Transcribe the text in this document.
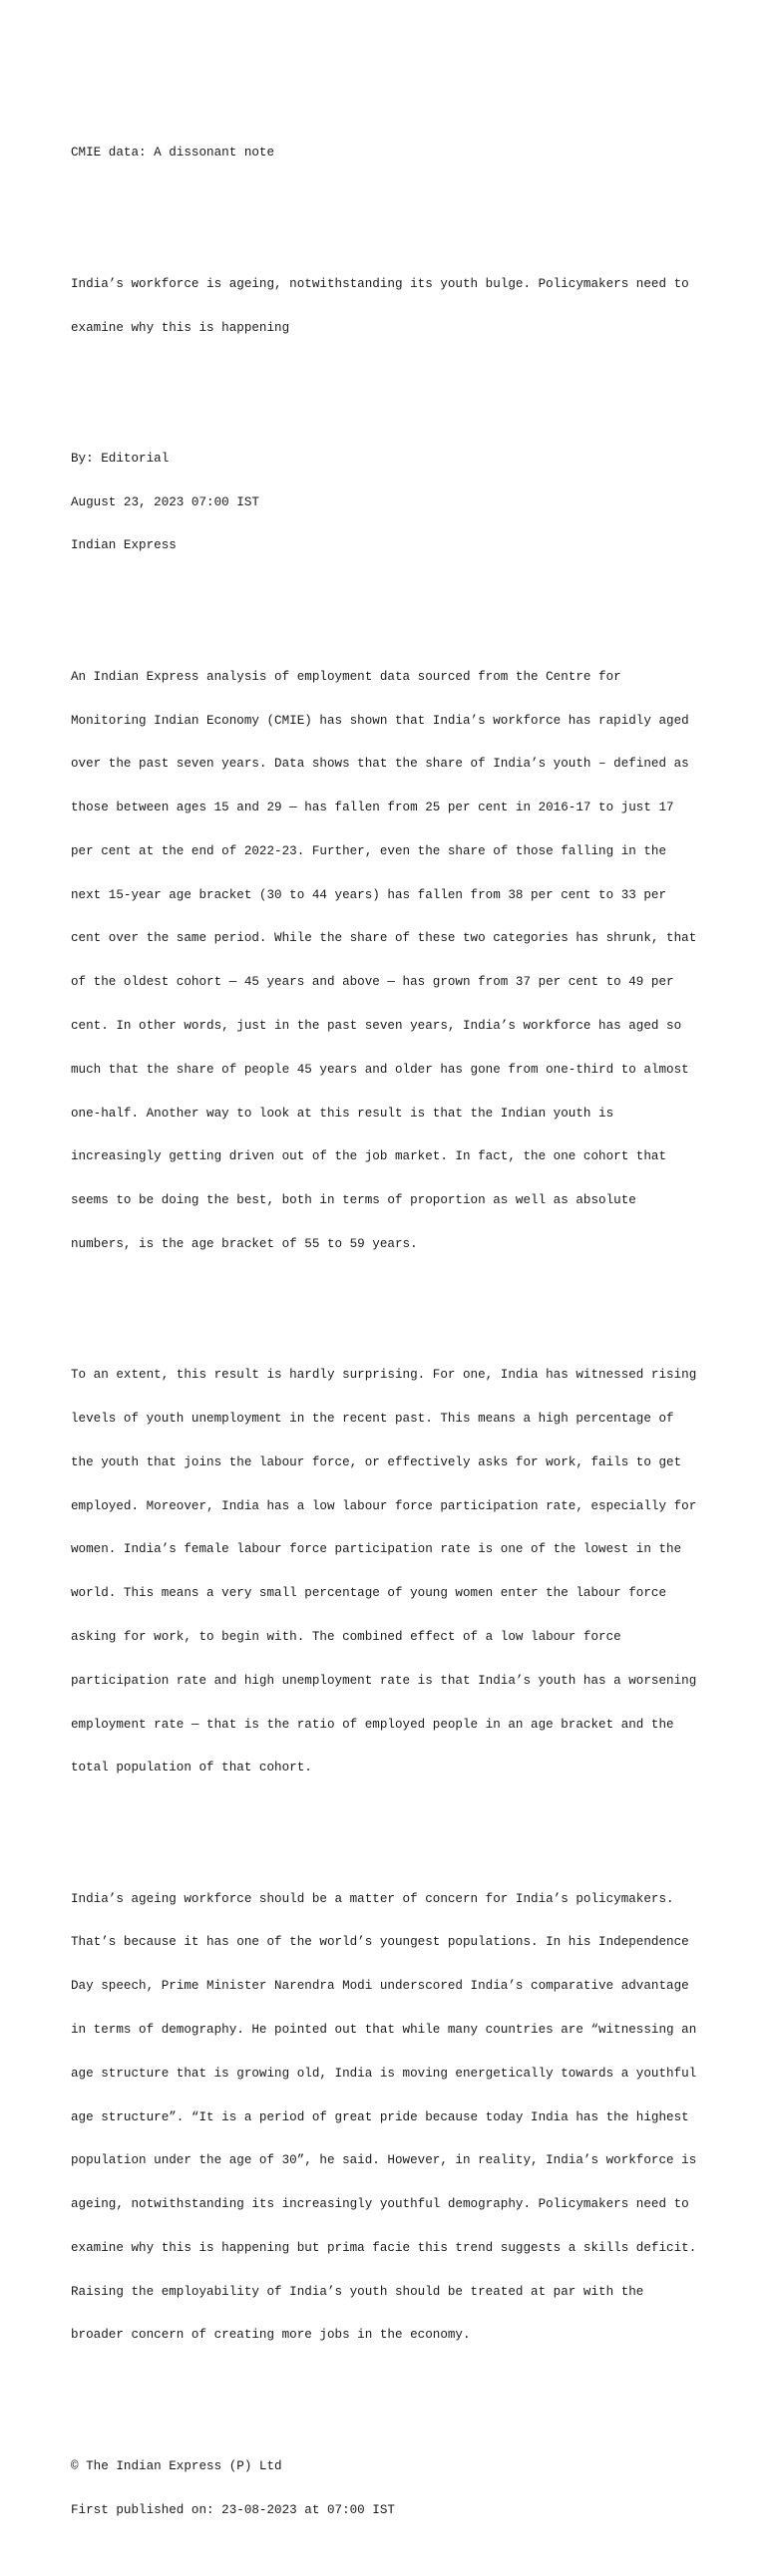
CMIE data: A dissonant note

India’s workforce is ageing, notwithstanding its youth bulge. Policymakers need to

examine why this is happening

By: Editorial

August 23, 2023 07:00 IST

Indian Express

An Indian Express analysis of employment data sourced from the Centre for

Monitoring Indian Economy (CMIE) has shown that India’s workforce has rapidly aged

over the past seven years. Data shows that the share of India’s youth – defined as

those between ages 15 and 29 — has fallen from 25 per cent in 2016-17 to just 17

per cent at the end of 2022-23. Further, even the share of those falling in the

next 15-year age bracket (30 to 44 years) has fallen from 38 per cent to 33 per

cent over the same period. While the share of these two categories has shrunk, that

of the oldest cohort — 45 years and above — has grown from 37 per cent to 49 per

cent. In other words, just in the past seven years, India’s workforce has aged so

much that the share of people 45 years and older has gone from one-third to almost

one-half. Another way to look at this result is that the Indian youth is

increasingly getting driven out of the job market. In fact, the one cohort that

seems to be doing the best, both in terms of proportion as well as absolute

numbers, is the age bracket of 55 to 59 years.

To an extent, this result is hardly surprising. For one, India has witnessed rising

levels of youth unemployment in the recent past. This means a high percentage of

the youth that joins the labour force, or effectively asks for work, fails to get

employed. Moreover, India has a low labour force participation rate, especially for

women. India’s female labour force participation rate is one of the lowest in the

world. This means a very small percentage of young women enter the labour force

asking for work, to begin with. The combined effect of a low labour force

participation rate and high unemployment rate is that India’s youth has a worsening

employment rate — that is the ratio of employed people in an age bracket and the

total population of that cohort.

India’s ageing workforce should be a matter of concern for India’s policymakers.

That’s because it has one of the world’s youngest populations. In his Independence

Day speech, Prime Minister Narendra Modi underscored India’s comparative advantage

in terms of demography. He pointed out that while many countries are “witnessing an

age structure that is growing old, India is moving energetically towards a youthful

age structure”. “It is a period of great pride because today India has the highest

population under the age of 30”, he said. However, in reality, India’s workforce is

ageing, notwithstanding its increasingly youthful demography. Policymakers need to

examine why this is happening but prima facie this trend suggests a skills deficit.

Raising the employability of India’s youth should be treated at par with the

broader concern of creating more jobs in the economy.

© The Indian Express (P) Ltd

First published on: 23-08-2023 at 07:00 IST
